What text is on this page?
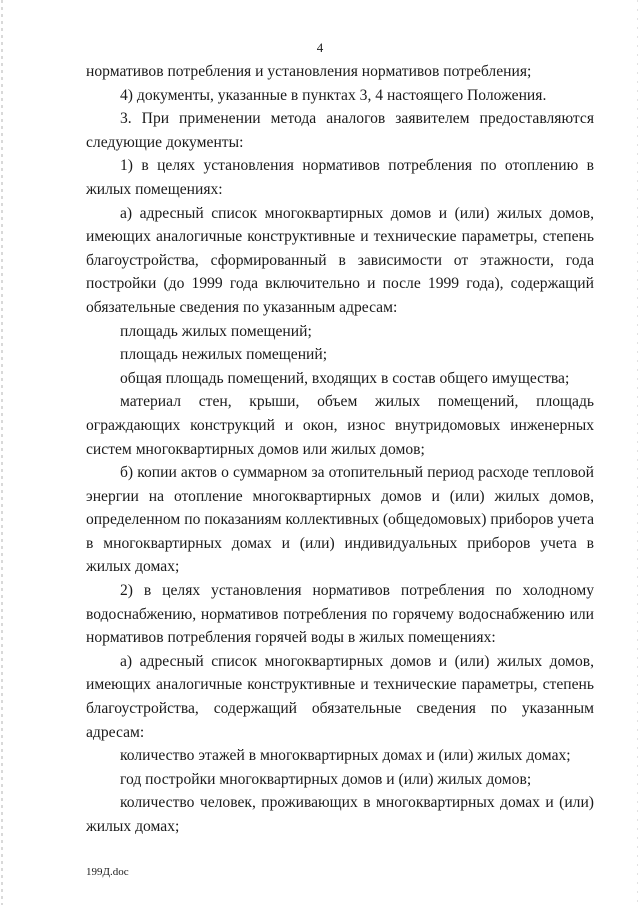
4

нормативов потребления и установления нормативов потребления;

4) документы, указанные в пунктах 3, 4 настоящего Положения.

3. При применении метода аналогов заявителем предоставляются следующие документы:

1) в целях установления нормативов потребления по отоплению в жилых помещениях:

а) адресный список многоквартирных домов и (или) жилых домов, имеющих аналогичные конструктивные и технические параметры, степень благоустройства, сформированный в зависимости от этажности, года постройки (до 1999 года включительно и после 1999 года), содержащий обязательные сведения по указанным адресам:

площадь жилых помещений;

площадь нежилых помещений;

общая площадь помещений, входящих в состав общего имущества;

материал стен, крыши, объем жилых помещений, площадь ограждающих конструкций и окон, износ внутридомовых инженерных систем многоквартирных домов или жилых домов;

б) копии актов о суммарном за отопительный период расходе тепловой энергии на отопление многоквартирных домов и (или) жилых домов, определенном по показаниям коллективных (общедомовых) приборов учета в многоквартирных домах и (или) индивидуальных приборов учета в жилых домах;

2) в целях установления нормативов потребления по холодному водоснабжению, нормативов потребления по горячему водоснабжению или нормативов потребления горячей воды в жилых помещениях:

а) адресный список многоквартирных домов и (или) жилых домов, имеющих аналогичные конструктивные и технические параметры, степень благоустройства, содержащий обязательные сведения по указанным адресам:

количество этажей в многоквартирных домах и (или) жилых домах;

год постройки многоквартирных домов и (или) жилых домов;

количество человек, проживающих в многоквартирных домах и (или) жилых домах;

199Д.doc
